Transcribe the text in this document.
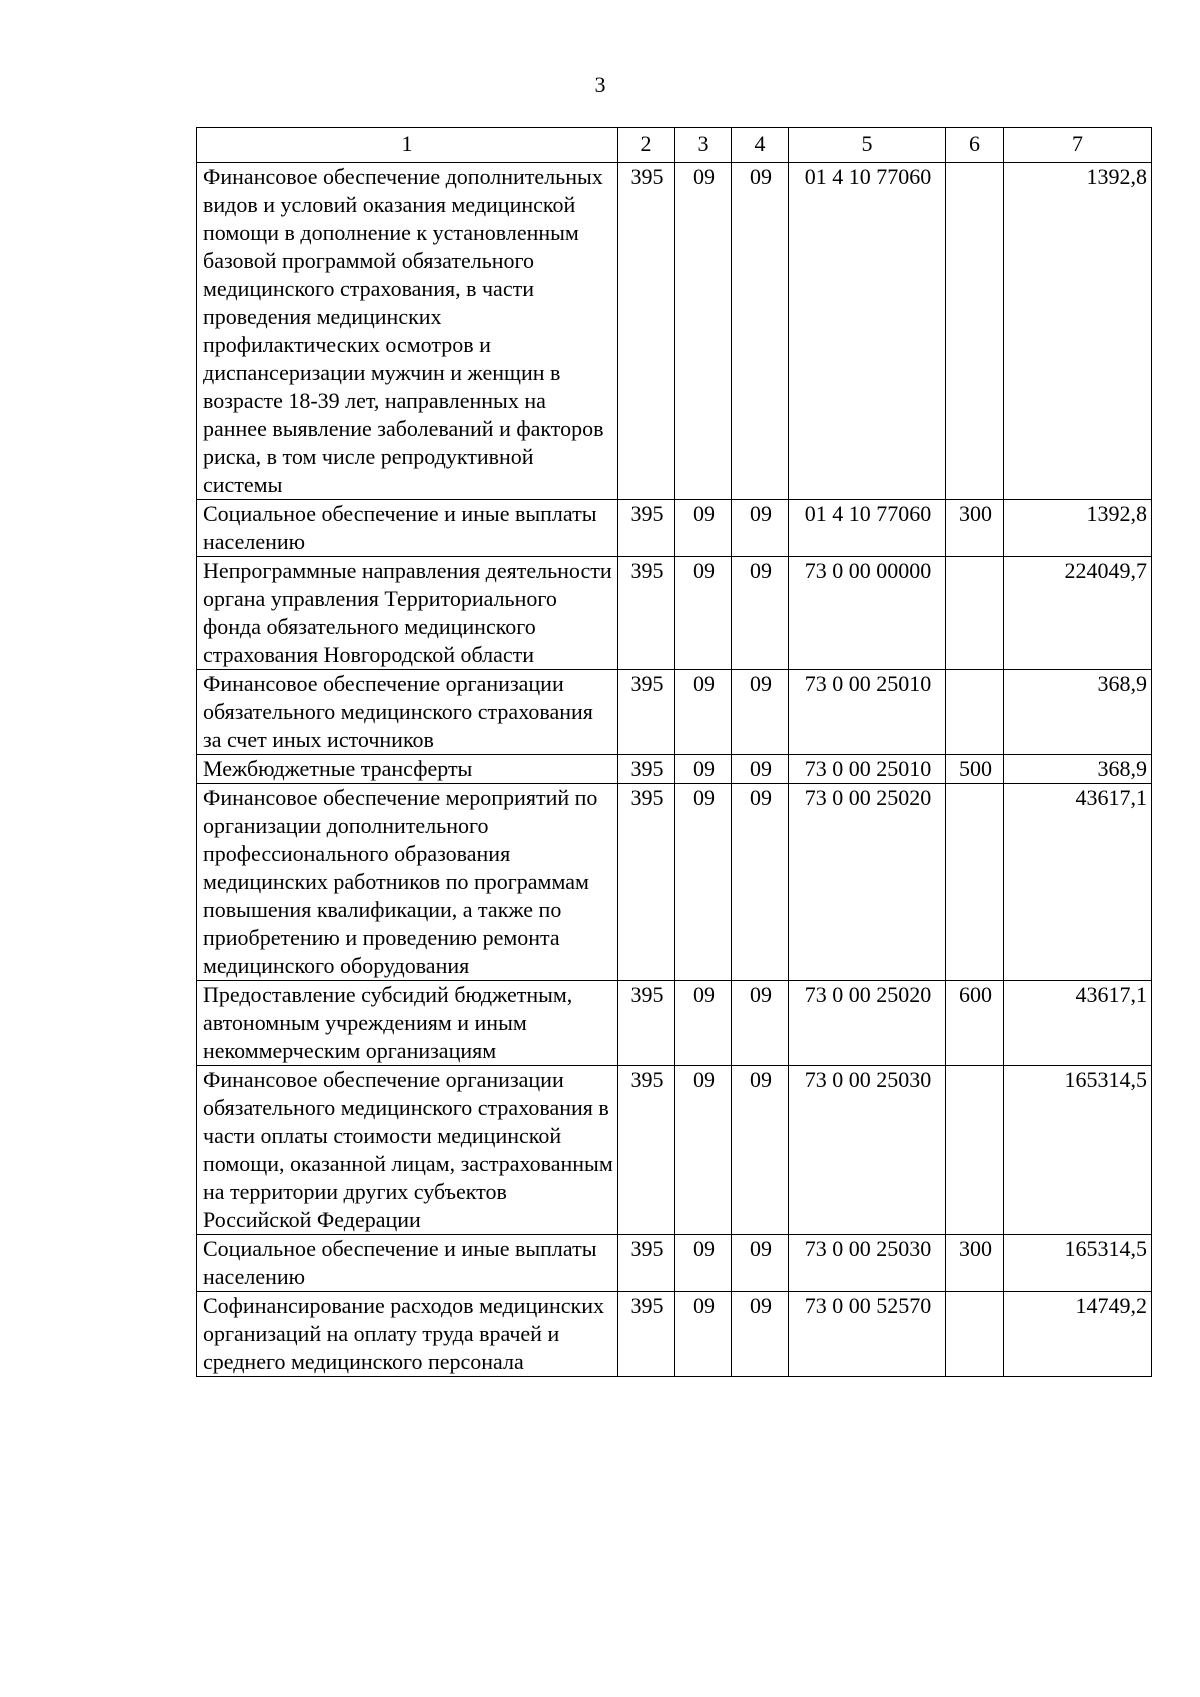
3
1	2	3	4	5	6	7
Финансовое обеспечение дополнительных видов и условий оказания медицинской помощи в дополнение к установленным базовой программой обязательного медицинского страхования, в части проведения медицинских профилактических осмотров и диспансеризации мужчин и женщин в возрасте 18-39 лет, направленных на раннее выявление заболеваний и факторов риска, в том числе репродуктивной системы	395	09	09	01 4 10 77060		1392,8
Социальное обеспечение и иные выплаты населению	395	09	09	01 4 10 77060	300	1392,8
Непрограммные направления деятельности органа управления Территориального фонда обязательного медицинского страхования Новгородской области	395	09	09	73 0 00 00000		224049,7
Финансовое обеспечение организации обязательного медицинского страхования за счет иных источников	395	09	09	73 0 00 25010		368,9
Межбюджетные трансферты	395	09	09	73 0 00 25010	500	368,9
Финансовое обеспечение мероприятий по организации дополнительного профессионального образования медицинских работников по программам повышения квалификации, а также по приобретению и проведению ремонта медицинского оборудования	395	09	09	73 0 00 25020		43617,1
Предоставление субсидий бюджетным, автономным учреждениям и иным некоммерческим организациям	395	09	09	73 0 00 25020	600	43617,1
Финансовое обеспечение организации обязательного медицинского страхования в части оплаты стоимости медицинской помощи, оказанной лицам, застрахованным на территории других субъектов Российской Федерации	395	09	09	73 0 00 25030		165314,5
Социальное обеспечение и иные выплаты населению	395	09	09	73 0 00 25030	300	165314,5
Софинансирование расходов медицинских организаций на оплату труда врачей и среднего медицинского персонала	395	09	09	73 0 00 52570		14749,2
